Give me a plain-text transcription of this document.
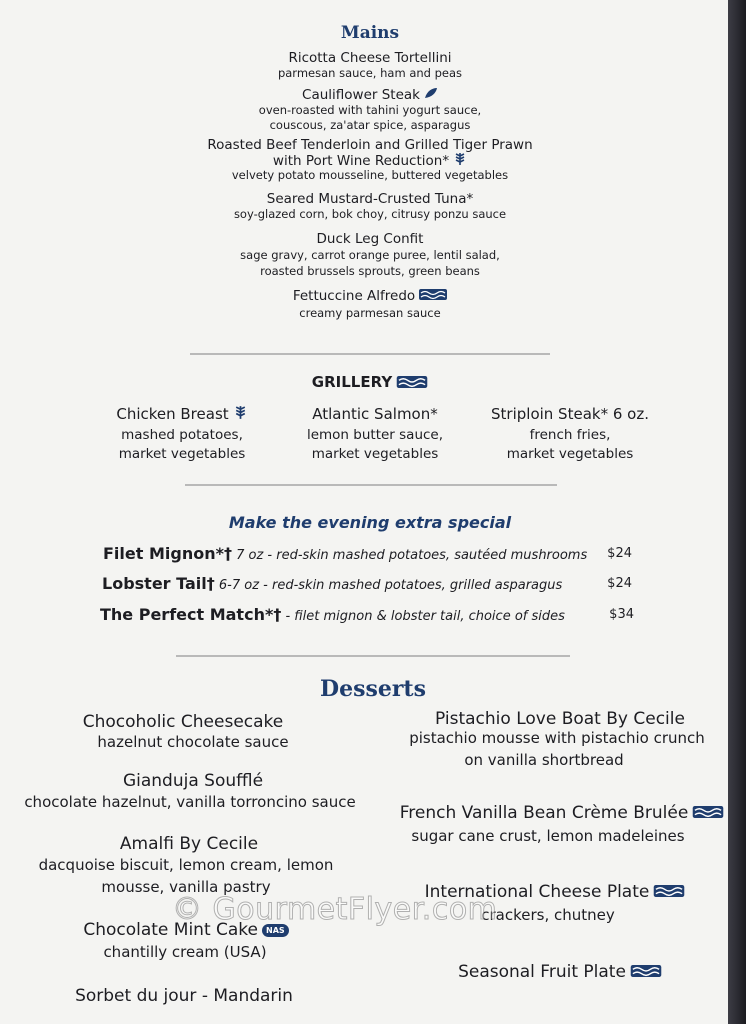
Mains
Ricotta Cheese Tortellini
parmesan sauce, ham and peas
Cauliflower Steak
oven-roasted with tahini yogurt sauce,
couscous, za'atar spice, asparagus
Roasted Beef Tenderloin and Grilled Tiger Prawn
with Port Wine Reduction*
velvety potato mousseline, buttered vegetables
Seared Mustard-Crusted Tuna*
soy-glazed corn, bok choy, citrusy ponzu sauce
Duck Leg Confit
sage gravy, carrot orange puree, lentil salad,
roasted brussels sprouts, green beans
Fettuccine Alfredo
creamy parmesan sauce
GRILLERY
Chicken Breast
mashed potatoes,
market vegetables
Atlantic Salmon*
lemon butter sauce,
market vegetables
Striploin Steak* 6 oz.
french fries,
market vegetables
Make the evening extra special
Filet Mignon*† 7 oz - red-skin mashed potatoes, sautéed mushrooms	$24
Lobster Tail† 6-7 oz - red-skin mashed potatoes, grilled asparagus	$24
The Perfect Match*† - filet mignon & lobster tail, choice of sides	$34
Desserts
Chocoholic Cheesecake
hazelnut chocolate sauce
Gianduja Soufflé
chocolate hazelnut, vanilla torroncino sauce
Amalfi By Cecile
dacquoise biscuit, lemon cream, lemon
mousse, vanilla pastry
Chocolate Mint Cake NAS
chantilly cream (USA)
Sorbet du jour - Mandarin
Pistachio Love Boat By Cecile
pistachio mousse with pistachio crunch
on vanilla shortbread
French Vanilla Bean Crème Brulée
sugar cane crust, lemon madeleines
International Cheese Plate
crackers, chutney
Seasonal Fruit Plate
© GourmetFlyer.com
